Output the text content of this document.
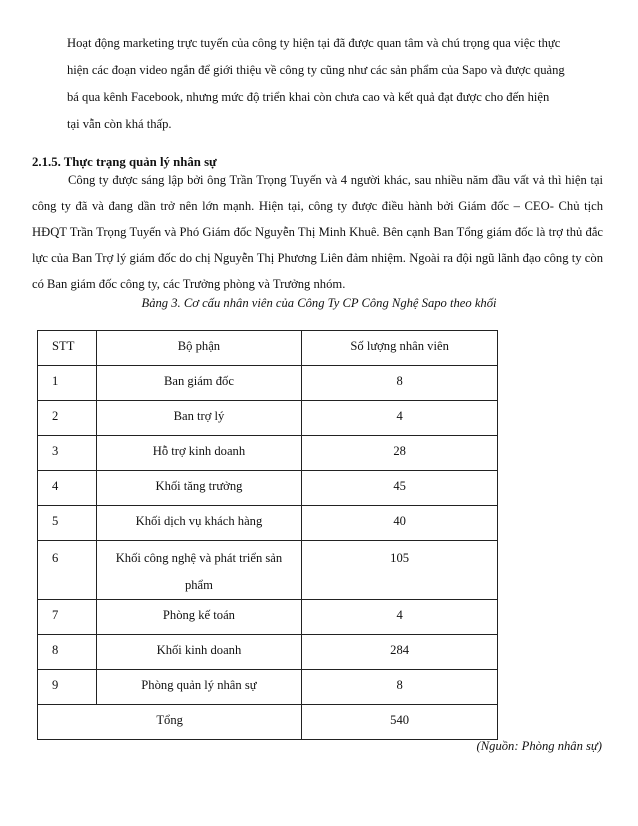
Hoạt động marketing trực tuyến của công ty hiện tại đã được quan tâm và chú trọng qua việc thực
hiện các đoạn video ngắn để giới thiệu về công ty cũng như các sản phẩm của Sapo và được quảng
bá qua kênh Facebook, nhưng mức độ triển khai còn chưa cao và kết quả đạt được cho đến hiện
tại vẫn còn khá thấp.

2.1.5. Thực trạng quản lý nhân sự

Công ty được sáng lập bởi ông Trần Trọng Tuyến và 4 người khác, sau nhiều năm đầu vất vả thì hiện tại công ty đã và đang dần trở nên lớn mạnh. Hiện tại, công ty được điều hành bởi Giám đốc – CEO- Chủ tịch HĐQT Trần Trọng Tuyến và Phó Giám đốc Nguyễn Thị Minh Khuê. Bên cạnh Ban Tổng giám đốc là trợ thủ đắc lực của Ban Trợ lý giám đốc do chị Nguyễn Thị Phương Liên đảm nhiệm. Ngoài ra đội ngũ lãnh đạo công ty còn có Ban giám đốc công ty, các Trưởng phòng và Trưởng nhóm.

Bảng 3. Cơ cấu nhân viên của Công Ty CP Công Nghệ Sapo theo khối

STT	Bộ phận	Số lượng nhân viên
1	Ban giám đốc	8
2	Ban trợ lý	4
3	Hỗ trợ kinh doanh	28
4	Khối tăng trưởng	45
5	Khối dịch vụ khách hàng	40
6	Khối công nghệ và phát triển sản phẩm	105
7	Phòng kế toán	4
8	Khối kinh doanh	284
9	Phòng quản lý nhân sự	8
Tổng		540

(Nguồn: Phòng nhân sự)
